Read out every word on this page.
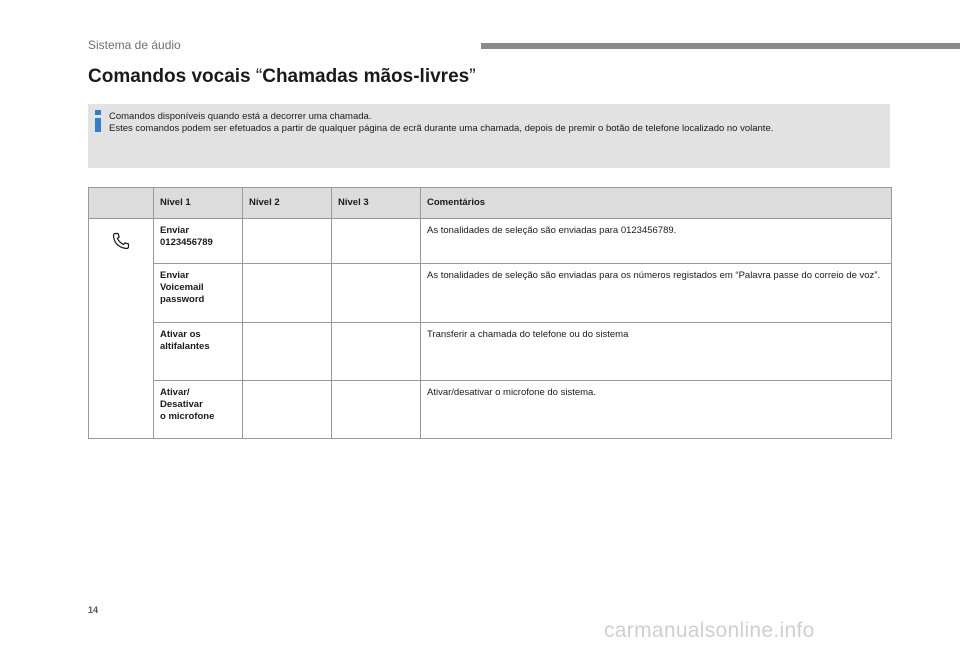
Sistema de áudio
Comandos vocais “Chamadas mãos-livres”
Comandos disponíveis quando está a decorrer uma chamada.
Estes comandos podem ser efetuados a partir de qualquer página de ecrã durante uma chamada, depois de premir o botão de telefone localizado no volante.
	Nível 1	Nível 2	Nível 3	Comentários
	Enviar
0123456789			As tonalidades de seleção são enviadas para 0123456789.
	Enviar
Voicemail
password			As tonalidades de seleção são enviadas para os números registados em “Palavra passe do correio de voz”.
	Ativar os
altifalantes			Transferir a chamada do telefone ou do sistema
	Ativar/
Desativar
o microfone			Ativar/desativar o microfone do sistema.
14
carmanualsonline.info
